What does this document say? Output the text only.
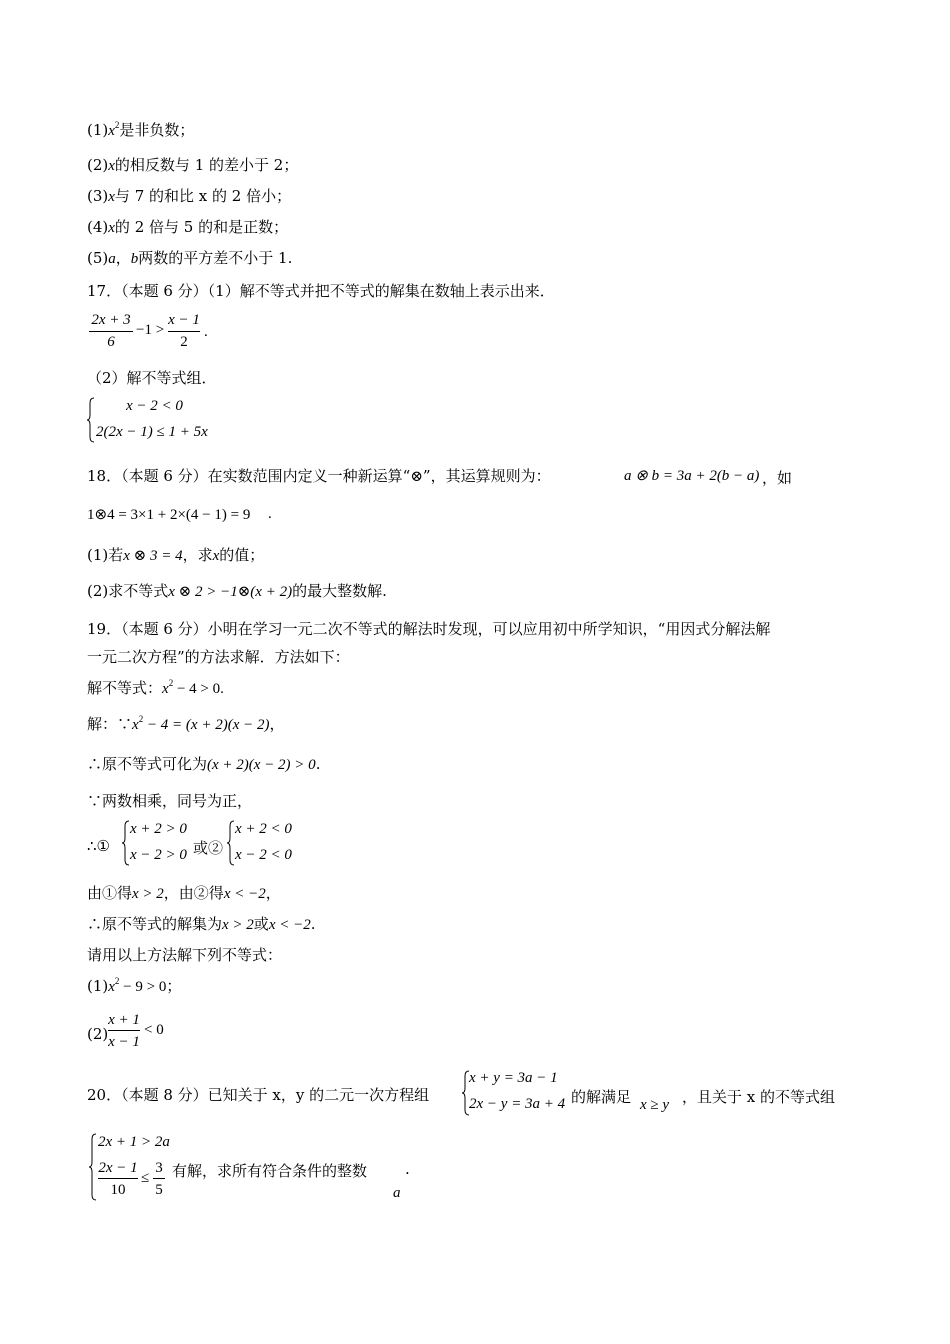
$(1)x^2$是非负数；
(2)x的相反数与 1 的差小于 2；
(3)x与 7 的和比 x 的 2 倍小；
(4)x的 2 倍与 5 的和是正数；
(5)a，b两数的平方差不小于 1.
17．（本题 6 分）（1）解不等式并把不等式的解集在数轴上表示出来．
2x + 3
6
−1 >
x − 1
2
.
（2）解不等式组．
x − 2 < 0
2(2x − 1) ≤ 1 + 5x
18．（本题 6 分）在实数范围内定义一种新运算“⊗”，其运算规则为：	a ⊗ b = 3a + 2(b − a) ，如
1⊗4 = 3×1 + 2×(4 − 1) = 9 .
(1)若x ⊗ 3 = 4，求x的值；
(2)求不等式x ⊗ 2 > −1⊗(x + 2)的最大整数解.
19．（本题 6 分）小明在学习一元二次不等式的解法时发现，可以应用初中所学知识，“用因式分解法解
一元二次方程”的方法求解．方法如下：
解不等式：$x^2 - 4 > 0$.
解：$\because x^2 - 4 = (x + 2)(x - 2)$，
∴原不等式可化为(x + 2)(x − 2) > 0.
∵两数相乘，同号为正，
∴①
x + 2 > 0
x − 2 > 0 或②
x + 2 < 0
x − 2 < 0
由①得x > 2，由②得x < −2，
∴原不等式的解集为x > 2或x < −2.
请用以上方法解下列不等式：
$(1)x^2 - 9 > 0$；
(2)
x + 1
x − 1
< 0
20．（本题 8 分）已知关于 x，y 的二元一次方程组
x + y = 3a − 1
2x − y = 3a + 4 的解满足 x ≥ y ，且关于 x 的不等式组
2x + 1 > 2a
2x − 1
10
≤
3
5
有解，求所有符合条件的整数	.
a
